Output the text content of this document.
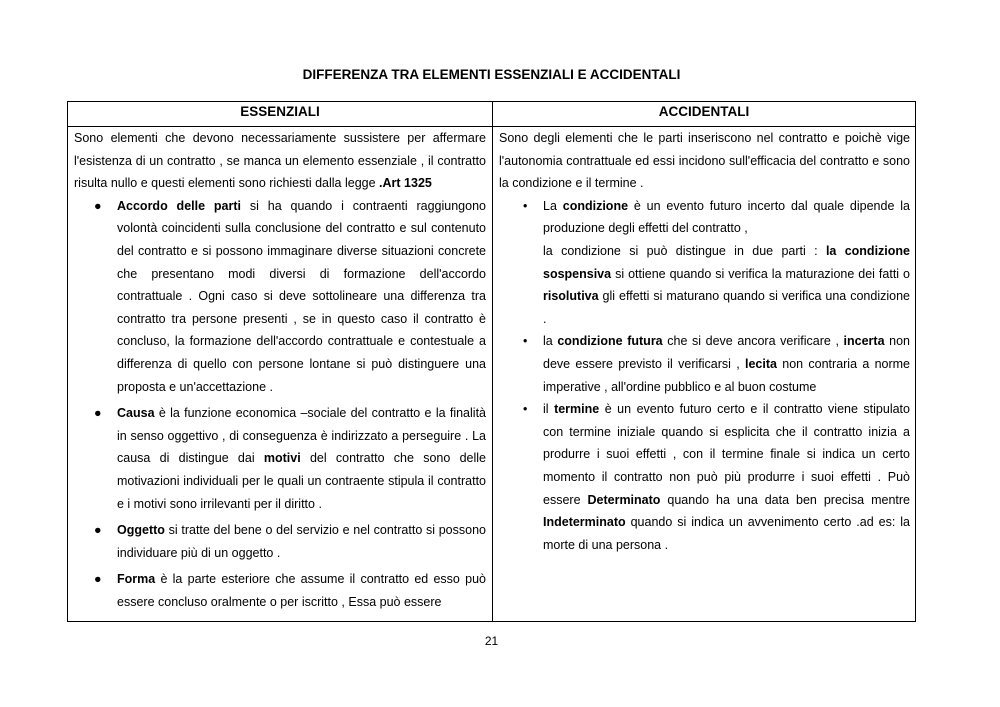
DIFFERENZA TRA ELEMENTI ESSENZIALI E ACCIDENTALI
ESSENZIALI	ACCIDENTALI

Sono elementi che devono necessariamente sussistere per affermare l'esistenza di un contratto , se manca un elemento essenziale , il contratto risulta nullo e questi elementi sono richiesti dalla legge .Art 1325

● Accordo delle parti si ha quando i contraenti raggiungono volontà coincidenti sulla conclusione del contratto e sul contenuto del contratto e si possono immaginare diverse situazioni concrete che presentano modi diversi di formazione dell'accordo contrattuale . Ogni caso si deve sottolineare una differenza tra contratto tra persone presenti , se in questo caso il contratto è concluso, la formazione dell'accordo contrattuale e contestuale a differenza di quello con persone lontane si può distinguere una proposta e un'accettazione .
● Causa è la funzione economica –sociale del contratto e la finalità in senso oggettivo , di conseguenza è indirizzato a perseguire . La causa di distingue dai motivi del contratto che sono delle motivazioni individuali per le quali un contraente stipula il contratto e i motivi sono irrilevanti per il diritto .
● Oggetto si tratte del bene o del servizio e nel contratto si possono individuare più di un oggetto .
● Forma è la parte esteriore che assume il contratto ed esso può essere concluso oralmente o per iscritto , Essa può essere

Sono degli elementi che le parti inseriscono nel contratto e poichè vige l'autonomia contrattuale ed essi incidono sull'efficacia del contratto e sono la condizione e il termine .

• La condizione è un evento futuro incerto dal quale dipende la produzione degli effetti del contratto ,
la condizione si può distingue in due parti : la condizione sospensiva si ottiene quando si verifica la maturazione dei fatti o risolutiva gli effetti si maturano quando si verifica una condizione .
• la condizione futura che si deve ancora verificare , incerta non deve essere previsto il verificarsi , lecita non contraria a norme imperative , all'ordine pubblico e al buon costume
• il termine è un evento futuro certo e il contratto viene stipulato con termine iniziale quando si esplicita che il contratto inizia a produrre i suoi effetti , con il termine finale si indica un certo momento il contratto non può più produrre i suoi effetti . Può essere Determinato quando ha una data ben precisa mentre Indeterminato quando si indica un avvenimento certo .ad es: la morte di una persona .
21
